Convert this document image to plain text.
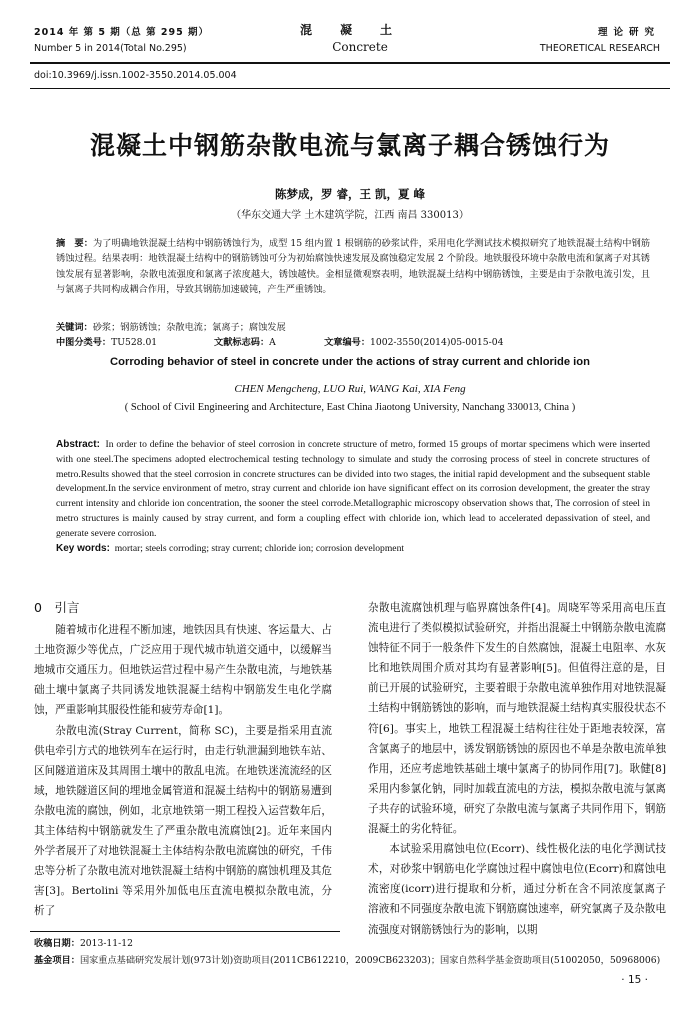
2014 年 第 5 期（总 第 295 期）
Number 5 in 2014(Total No.295)
混凝土
Concrete
理论研究
THEORETICAL RESEARCH
doi:10.3969/j.issn.1002-3550.2014.05.004
混凝土中钢筋杂散电流与氯离子耦合锈蚀行为
陈梦成，罗 睿，王 凯，夏 峰
（华东交通大学 土木建筑学院，江西 南昌 330013）
摘　要：为了明确地铁混凝土结构中钢筋锈蚀行为，成型 15 组内置 1 根钢筋的砂浆试件，采用电化学测试技术模拟研究了地铁混凝土结构中钢筋锈蚀过程。结果表明：地铁混凝土结构中的钢筋锈蚀可分为初始腐蚀快速发展及腐蚀稳定发展 2 个阶段。地铁服役环境中杂散电流和氯离子对其锈蚀发展有显著影响，杂散电流强度和氯离子浓度越大，锈蚀越快。金相显微观察表明，地铁混凝土结构中钢筋锈蚀，主要是由于杂散电流引发，且与氯离子共同构成耦合作用，导致其钢筋加速破钝，产生严重锈蚀。
关键词：砂浆；钢筋锈蚀；杂散电流；氯离子；腐蚀发展
中图分类号：TU528.01	文献标志码：A	文章编号：1002-3550(2014)05-0015-04
Corroding behavior of steel in concrete under the actions of stray current and chloride ion
CHEN Mengcheng, LUO Rui, WANG Kai, XIA Feng
( School of Civil Engineering and Architecture, East China Jiaotong University, Nanchang 330013, China )
Abstract: In order to define the behavior of steel corrosion in concrete structure of metro, formed 15 groups of mortar specimens which were inserted with one steel.The specimens adopted electrochemical testing technology to simulate and study the corrosing process of steel in concrete structures of metro.Results showed that the steel corrosion in concrete structures can be divided into two stages, the initial rapid development and the subsequent stable development.In the service environment of metro, stray current and chloride ion have significant effect on its corrosion development, the greater the stray current intensity and chloride ion concentration, the sooner the steel corrode.Metallographic microscopy observation shows that, The corrosion of steel in metro structures is mainly caused by stray current, and form a coupling effect with chloride ion, which lead to accelerated depassivation of steel, and generate severe corrosion.
Key words: mortar; steels corroding; stray current; chloride ion; corrosion development

0　引言

随着城市化进程不断加速，地铁因具有快速、客运量大、占土地资源少等优点，广泛应用于现代城市轨道交通中，以缓解当地城市交通压力。但地铁运营过程中易产生杂散电流，与地铁基础土壤中氯离子共同诱发地铁混凝土结构中钢筋发生电化学腐蚀，严重影响其服役性能和疲劳寿命[1]。

杂散电流(Stray Current，简称 SC)，主要是指采用直流供电牵引方式的地铁列车在运行时，由走行轨泄漏到地铁车站、区间隧道道床及其周围土壤中的散乱电流。在地铁迷流流经的区域，地铁隧道区间的埋地金属管道和混凝土结构中的钢筋易遭到杂散电流的腐蚀，例如，北京地铁第一期工程投入运营数年后，其主体结构中钢筋就发生了严重杂散电流腐蚀[2]。近年来国内外学者展开了对地铁混凝土主体结构杂散电流腐蚀的研究，千伟忠等分析了杂散电流对地铁混凝土结构中钢筋的腐蚀机理及其危害[3]。Bertolini 等采用外加低电压直流电模拟杂散电流，分析了

杂散电流腐蚀机理与临界腐蚀条件[4]。周晓军等采用高电压直流电进行了类似模拟试验研究，并指出混凝土中钢筋杂散电流腐蚀特征不同于一般条件下发生的自然腐蚀，混凝土电阻率、水灰比和地铁周围介质对其均有显著影响[5]。但值得注意的是，目前已开展的试验研究，主要着眼于杂散电流单独作用对地铁混凝土结构中钢筋锈蚀的影响，而与地铁混凝土结构真实服役状态不符[6]。事实上，地铁工程混凝土结构往往处于距地表较深，富含氯离子的地层中，诱发钢筋锈蚀的原因也不单是杂散电流单独作用，还应考虑地铁基础土壤中氯离子的协同作用[7]。耿健[8]采用内参氯化钠，同时加载直流电的方法，模拟杂散电流与氯离子共存的试验环境，研究了杂散电流与氯离子共同作用下，钢筋混凝土的劣化特征。

本试验采用腐蚀电位(Ecorr)、线性极化法的电化学测试技术，对砂浆中钢筋电化学腐蚀过程中腐蚀电位(Ecorr)和腐蚀电流密度(icorr)进行提取和分析，通过分析在含不同浓度氯离子溶液和不同强度杂散电流下钢筋腐蚀速率，研究氯离子及杂散电流强度对钢筋锈蚀行为的影响，以期

收稿日期：2013-11-12
基金项目：国家重点基础研究发展计划(973计划)资助项目(2011CB612210，2009CB623203)；国家自然科学基金资助项目(51002050，50968006)
· 15 ·
